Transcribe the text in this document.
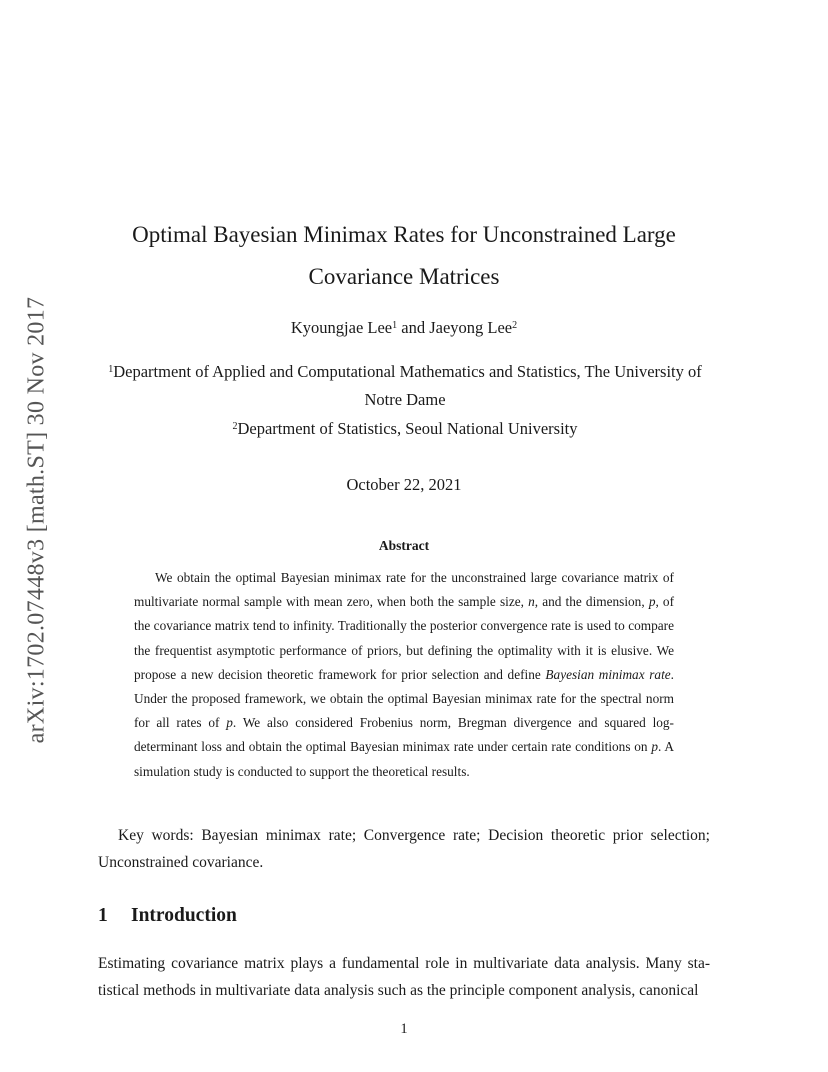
arXiv:1702.07448v3 [math.ST] 30 Nov 2017
Optimal Bayesian Minimax Rates for Unconstrained Large Covariance Matrices
Kyoungjae Lee$^1$ and Jaeyong Lee$^2$
$^1$Department of Applied and Computational Mathematics and Statistics, The University of Notre Dame
$^2$Department of Statistics, Seoul National University
October 22, 2021
Abstract

We obtain the optimal Bayesian minimax rate for the unconstrained large covariance matrix of multivariate normal sample with mean zero, when both the sample size, n, and the dimension, p, of the covariance matrix tend to infinity. Traditionally the posterior convergence rate is used to compare the frequentist asymptotic performance of priors, but defining the optimality with it is elusive. We propose a new decision theoretic framework for prior selection and define Bayesian minimax rate. Under the proposed framework, we obtain the optimal Bayesian minimax rate for the spectral norm for all rates of p. We also considered Frobenius norm, Bregman divergence and squared log-determinant loss and obtain the optimal Bayesian minimax rate under certain rate conditions on p. A simulation study is conducted to support the theoretical results.

Key words: Bayesian minimax rate; Convergence rate; Decision theoretic prior selection; Unconstrained covariance.

1 Introduction

Estimating covariance matrix plays a fundamental role in multivariate data analysis. Many sta- tistical methods in multivariate data analysis such as the principle component analysis, canonical

1
